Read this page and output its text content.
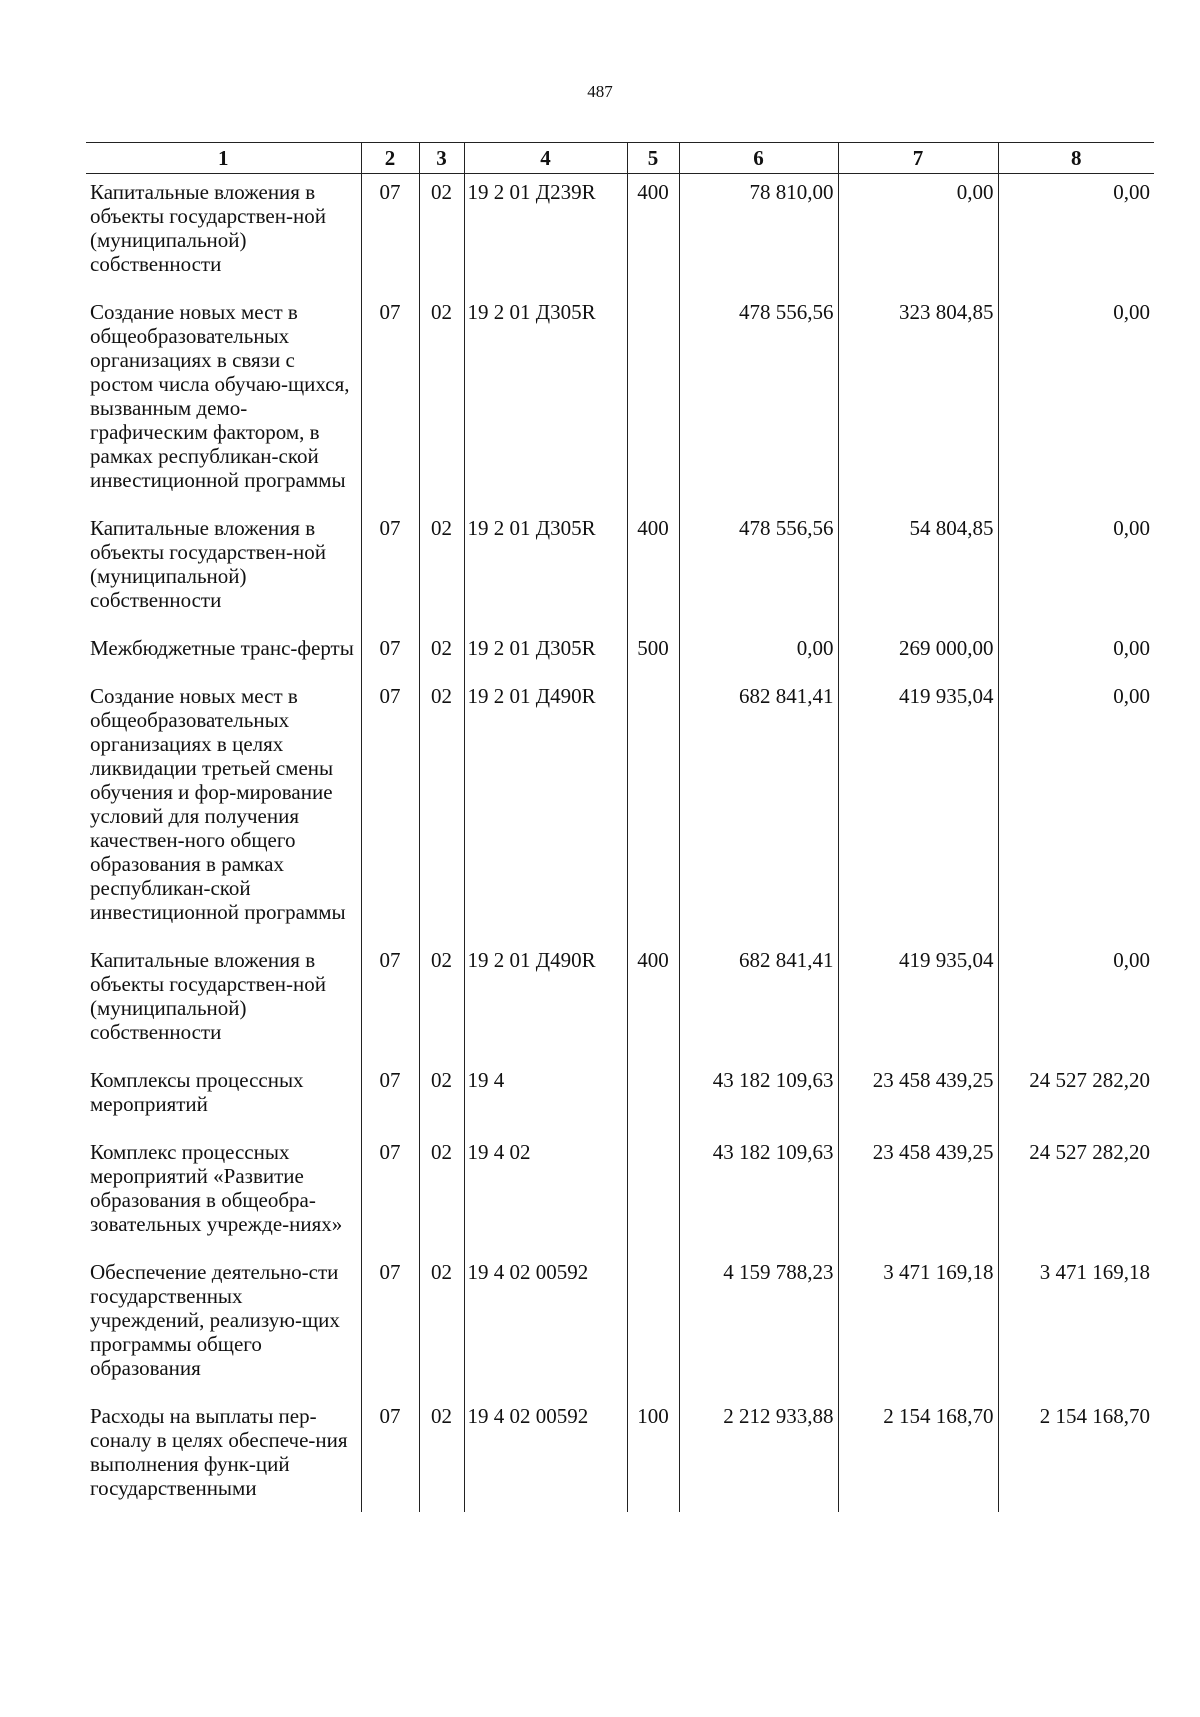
487
1	2	3	4	5	6	7	8
Капитальные вложения в объекты государствен-ной (муниципальной) собственности	07	02	19 2 01 Д239R	400	78 810,00	0,00	0,00
Создание новых мест в общеобразовательных организациях в связи с ростом числа обучаю-щихся, вызванным демо-графическим фактором, в рамках республикан-ской инвестиционной программы	07	02	19 2 01 Д305R		478 556,56	323 804,85	0,00
Капитальные вложения в объекты государствен-ной (муниципальной) собственности	07	02	19 2 01 Д305R	400	478 556,56	54 804,85	0,00
Межбюджетные транс-ферты	07	02	19 2 01 Д305R	500	0,00	269 000,00	0,00
Создание новых мест в общеобразовательных организациях в целях ликвидации третьей смены обучения и фор-мирование условий для получения качествен-ного общего образования в рамках республикан-ской инвестиционной программы	07	02	19 2 01 Д490R		682 841,41	419 935,04	0,00
Капитальные вложения в объекты государствен-ной (муниципальной) собственности	07	02	19 2 01 Д490R	400	682 841,41	419 935,04	0,00
Комплексы процессных мероприятий	07	02	19 4		43 182 109,63	23 458 439,25	24 527 282,20
Комплекс процессных мероприятий «Развитие образования в общеобра-зовательных учрежде-ниях»	07	02	19 4 02		43 182 109,63	23 458 439,25	24 527 282,20
Обеспечение деятельно-сти государственных учреждений, реализую-щих программы общего образования	07	02	19 4 02 00592		4 159 788,23	3 471 169,18	3 471 169,18
Расходы на выплаты пер-соналу в целях обеспече-ния выполнения функ-ций государственными	07	02	19 4 02 00592	100	2 212 933,88	2 154 168,70	2 154 168,70
